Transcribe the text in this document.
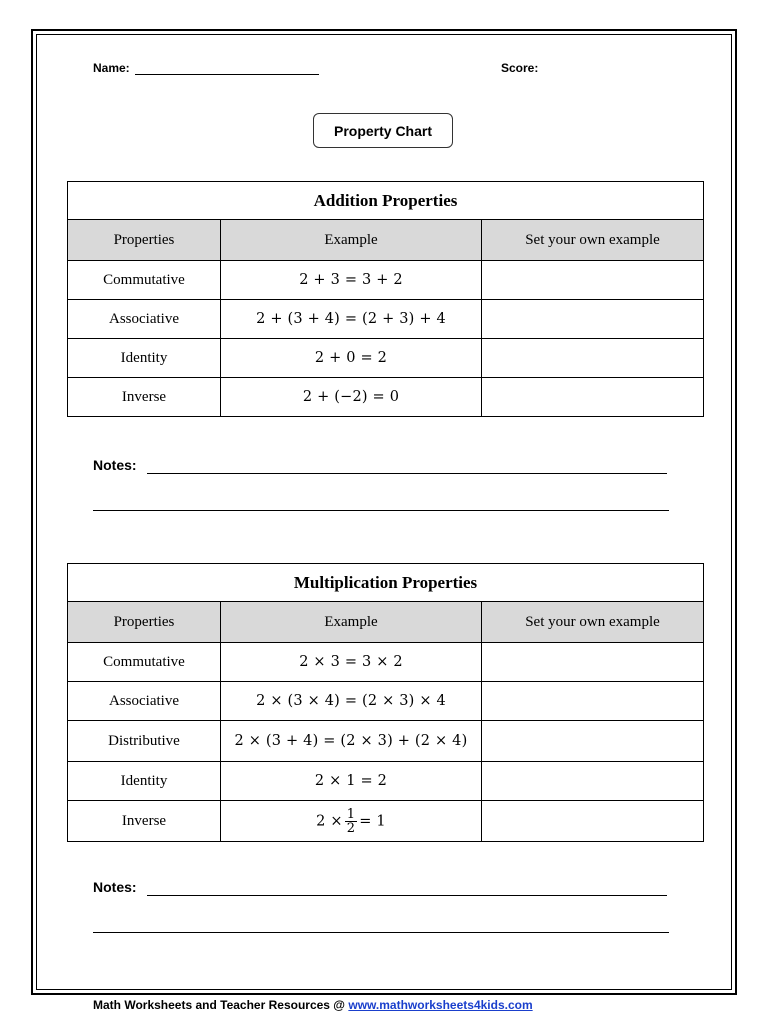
Name:	Score:
Property Chart
Addition Properties		
Properties	Example	Set your own example
Commutative	2 + 3 = 3 + 2	
Associative	2 + (3 + 4) = (2 + 3) + 4	
Identity	2 + 0 = 2	
Inverse	2 + (−2) = 0	
Notes:
Multiplication Properties		
Properties	Example	Set your own example
Commutative	2 × 3 = 3 × 2	
Associative	2 × (3 × 4) = (2 × 3) × 4	
Distributive	2 × (3 + 4) = (2 × 3) + (2 × 4)	
Identity	2 × 1 = 2	
Inverse	$2 \times \frac{1}{2} = 1$	
Notes:
Math Worksheets and Teacher Resources @ www.mathworksheets4kids.com
